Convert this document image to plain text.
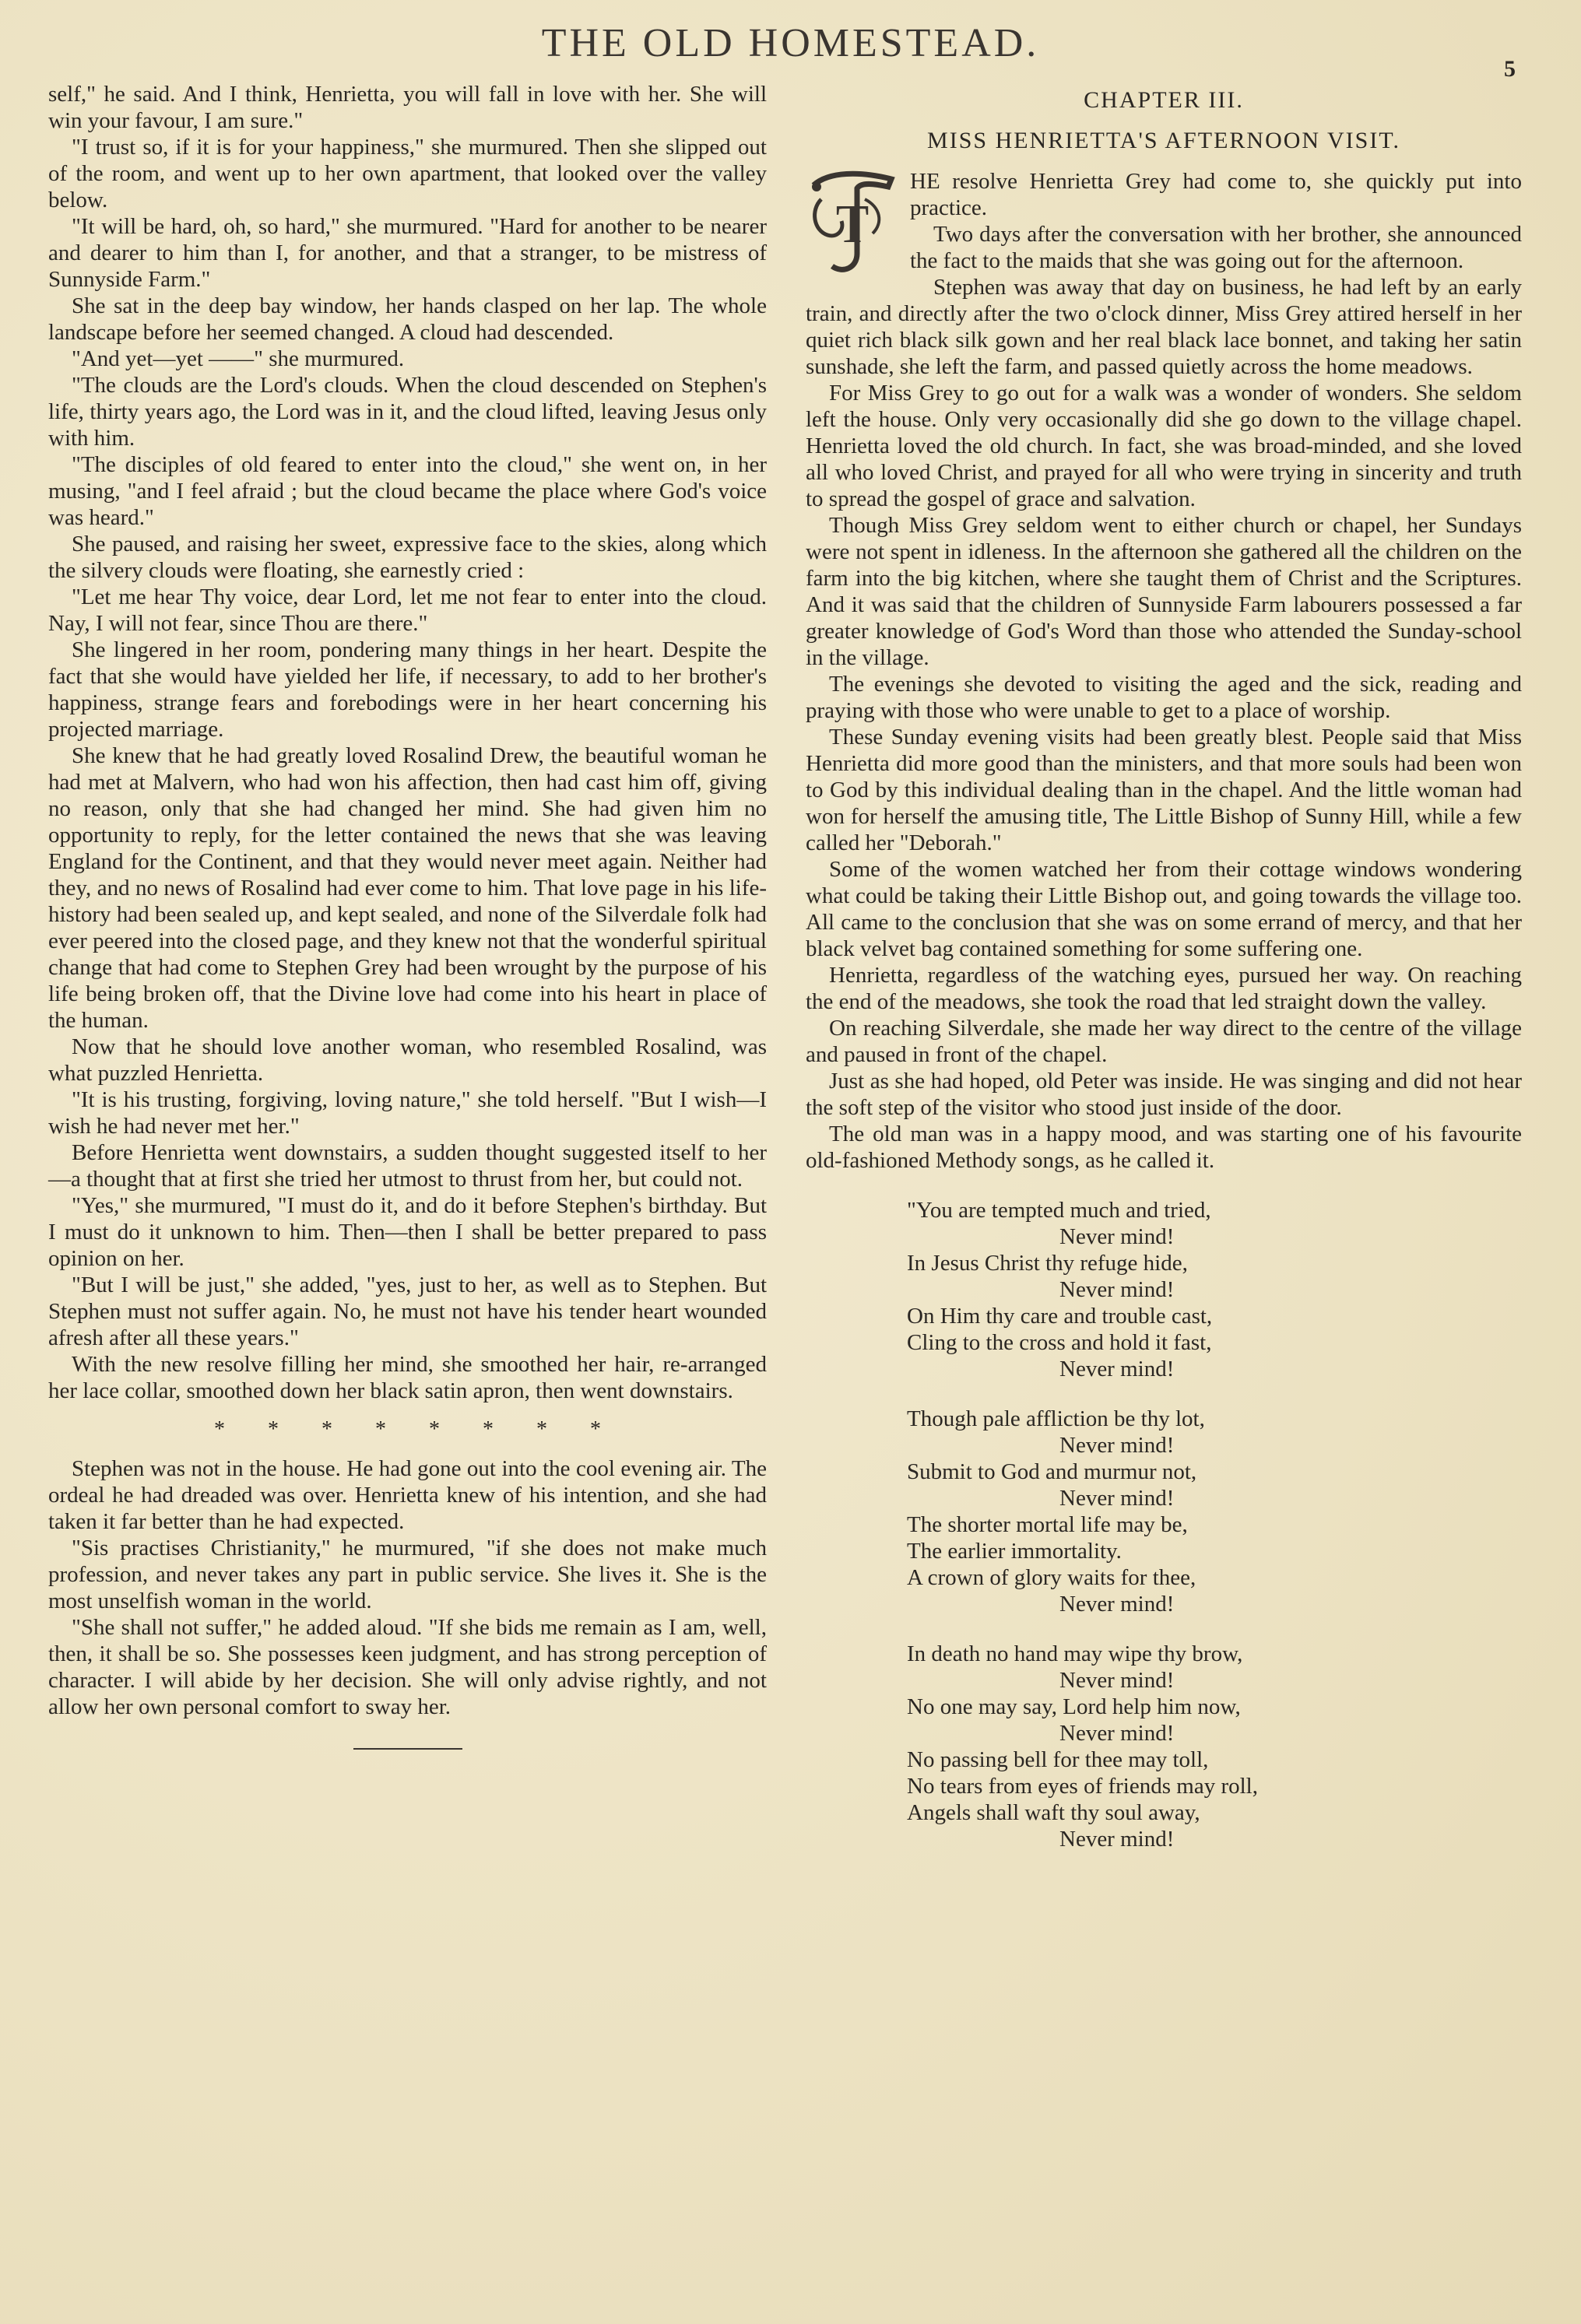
THE OLD HOMESTEAD.
5

self," he said. And I think, Henrietta, you will fall in love with her. She will win your favour, I am sure."

"I trust so, if it is for your happiness," she murmured. Then she slipped out of the room, and went up to her own apartment, that looked over the valley below.

"It will be hard, oh, so hard," she murmured. "Hard for another to be nearer and dearer to him than I, for another, and that a stranger, to be mistress of Sunnyside Farm."

She sat in the deep bay window, her hands clasped on her lap. The whole landscape before her seemed changed. A cloud had descended.

"And yet—yet ——" she murmured.

"The clouds are the Lord's clouds. When the cloud descended on Stephen's life, thirty years ago, the Lord was in it, and the cloud lifted, leaving Jesus only with him.

"The disciples of old feared to enter into the cloud," she went on, in her musing, "and I feel afraid ; but the cloud became the place where God's voice was heard."

She paused, and raising her sweet, expressive face to the skies, along which the silvery clouds were floating, she earnestly cried :

"Let me hear Thy voice, dear Lord, let me not fear to enter into the cloud. Nay, I will not fear, since Thou are there."

She lingered in her room, pondering many things in her heart. Despite the fact that she would have yielded her life, if necessary, to add to her brother's happiness, strange fears and forebodings were in her heart concerning his projected marriage.

She knew that he had greatly loved Rosalind Drew, the beautiful woman he had met at Malvern, who had won his affection, then had cast him off, giving no reason, only that she had changed her mind. She had given him no opportunity to reply, for the letter contained the news that she was leaving England for the Continent, and that they would never meet again. Neither had they, and no news of Rosalind had ever come to him. That love page in his life-history had been sealed up, and kept sealed, and none of the Silverdale folk had ever peered into the closed page, and they knew not that the wonderful spiritual change that had come to Stephen Grey had been wrought by the purpose of his life being broken off, that the Divine love had come into his heart in place of the human.

Now that he should love another woman, who resembled Rosalind, was what puzzled Henrietta.

"It is his trusting, forgiving, loving nature," she told herself. "But I wish—I wish he had never met her."

Before Henrietta went downstairs, a sudden thought suggested itself to her—a thought that at first she tried her utmost to thrust from her, but could not.

"Yes," she murmured, "I must do it, and do it before Stephen's birthday. But I must do it unknown to him. Then—then I shall be better prepared to pass opinion on her.

"But I will be just," she added, "yes, just to her, as well as to Stephen. But Stephen must not suffer again. No, he must not have his tender heart wounded afresh after all these years."

With the new resolve filling her mind, she smoothed her hair, re-arranged her lace collar, smoothed down her black satin apron, then went downstairs.

* * * * * * * *

Stephen was not in the house. He had gone out into the cool evening air. The ordeal he had dreaded was over. Henrietta knew of his intention, and she had taken it far better than he had expected.

"Sis practises Christianity," he murmured, "if she does not make much profession, and never takes any part in public service. She lives it. She is the most unselfish woman in the world.

"She shall not suffer," he added aloud. "If she bids me remain as I am, well, then, it shall be so. She possesses keen judgment, and has strong perception of character. I will abide by her decision. She will only advise rightly, and not allow her own personal comfort to sway her.

CHAPTER III.
MISS HENRIETTA'S AFTERNOON VISIT.
T

HE resolve Henrietta Grey had come to, she quickly put into practice.

Two days after the conversation with her brother, she announced the fact to the maids that she was going out for the afternoon.

Stephen was away that day on business, he had left by an early train, and directly after the two o'clock dinner, Miss Grey attired herself in her quiet rich black silk gown and her real black lace bonnet, and taking her satin sunshade, she left the farm, and passed quietly across the home meadows.

For Miss Grey to go out for a walk was a wonder of wonders. She seldom left the house. Only very occasionally did she go down to the village chapel. Henrietta loved the old church. In fact, she was broad-minded, and she loved all who loved Christ, and prayed for all who were trying in sincerity and truth to spread the gospel of grace and salvation.

Though Miss Grey seldom went to either church or chapel, her Sundays were not spent in idleness. In the afternoon she gathered all the children on the farm into the big kitchen, where she taught them of Christ and the Scriptures. And it was said that the children of Sunnyside Farm labourers possessed a far greater knowledge of God's Word than those who attended the Sunday-school in the village.

The evenings she devoted to visiting the aged and the sick, reading and praying with those who were unable to get to a place of worship.

These Sunday evening visits had been greatly blest. People said that Miss Henrietta did more good than the ministers, and that more souls had been won to God by this individual dealing than in the chapel. And the little woman had won for herself the amusing title, The Little Bishop of Sunny Hill, while a few called her "Deborah."

Some of the women watched her from their cottage windows wondering what could be taking their Little Bishop out, and going towards the village too. All came to the conclusion that she was on some errand of mercy, and that her black velvet bag contained something for some suffering one.

Henrietta, regardless of the watching eyes, pursued her way. On reaching the end of the meadows, she took the road that led straight down the valley.

On reaching Silverdale, she made her way direct to the centre of the village and paused in front of the chapel.

Just as she had hoped, old Peter was inside. He was singing and did not hear the soft step of the visitor who stood just inside of the door.

The old man was in a happy mood, and was starting one of his favourite old-fashioned Methody songs, as he called it.

"You are tempted much and tried,
Never mind!
In Jesus Christ thy refuge hide,
Never mind!
On Him thy care and trouble cast,
Cling to the cross and hold it fast,
Never mind!
Though pale affliction be thy lot,
Never mind!
Submit to God and murmur not,
Never mind!
The shorter mortal life may be,
The earlier immortality.
A crown of glory waits for thee,
Never mind!
In death no hand may wipe thy brow,
Never mind!
No one may say, Lord help him now,
Never mind!
No passing bell for thee may toll,
No tears from eyes of friends may roll,
Angels shall waft thy soul away,
Never mind!
